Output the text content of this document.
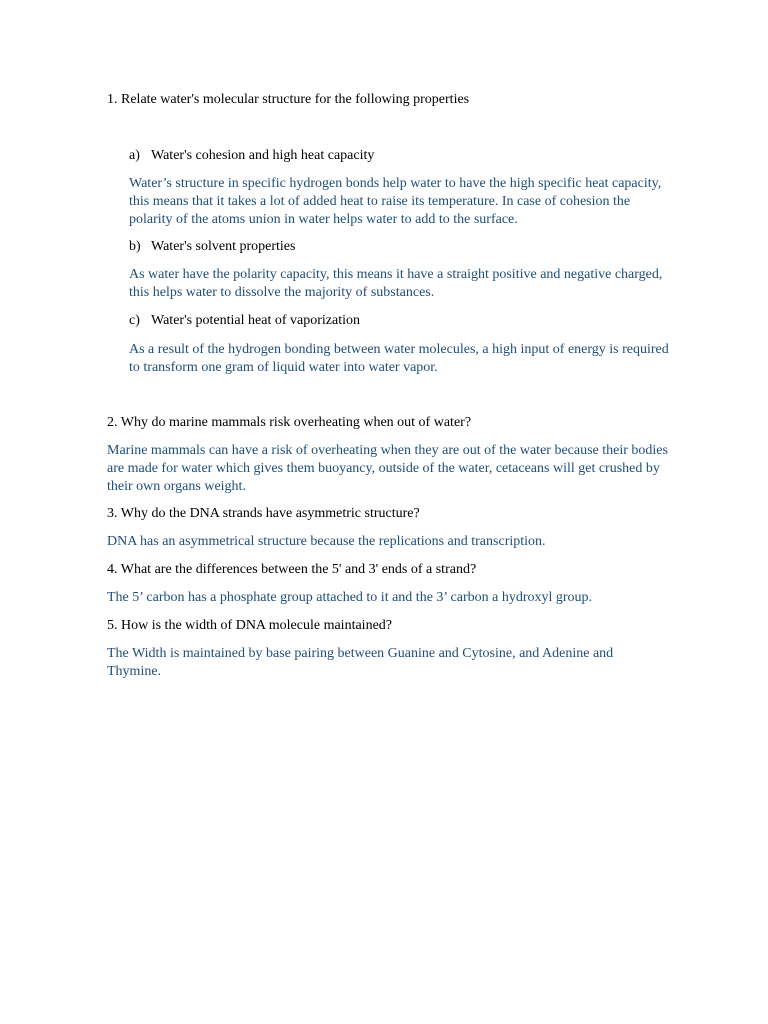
1. Relate water's molecular structure for the following properties

a) Water's cohesion and high heat capacity

Water’s structure in specific hydrogen bonds help water to have the high specific heat capacity, this means that it takes a lot of added heat to raise its temperature. In case of cohesion the polarity of the atoms union in water helps water to add to the surface.

b) Water's solvent properties

As water have the polarity capacity, this means it have a straight positive and negative charged, this helps water to dissolve the majority of substances.

c) Water's potential heat of vaporization

As a result of the hydrogen bonding between water molecules, a high input of energy is required to transform one gram of liquid water into water vapor.

2. Why do marine mammals risk overheating when out of water?

Marine mammals can have a risk of overheating when they are out of the water because their bodies are made for water which gives them buoyancy, outside of the water, cetaceans will get crushed by their own organs weight.

3. Why do the DNA strands have asymmetric structure?

DNA has an asymmetrical structure because the replications and transcription.

4. What are the differences between the 5' and 3' ends of a strand?

The 5’ carbon has a phosphate group attached to it and the 3’ carbon a hydroxyl group.

5. How is the width of DNA molecule maintained?

The Width is maintained by base pairing between Guanine and Cytosine, and Adenine and Thymine.
